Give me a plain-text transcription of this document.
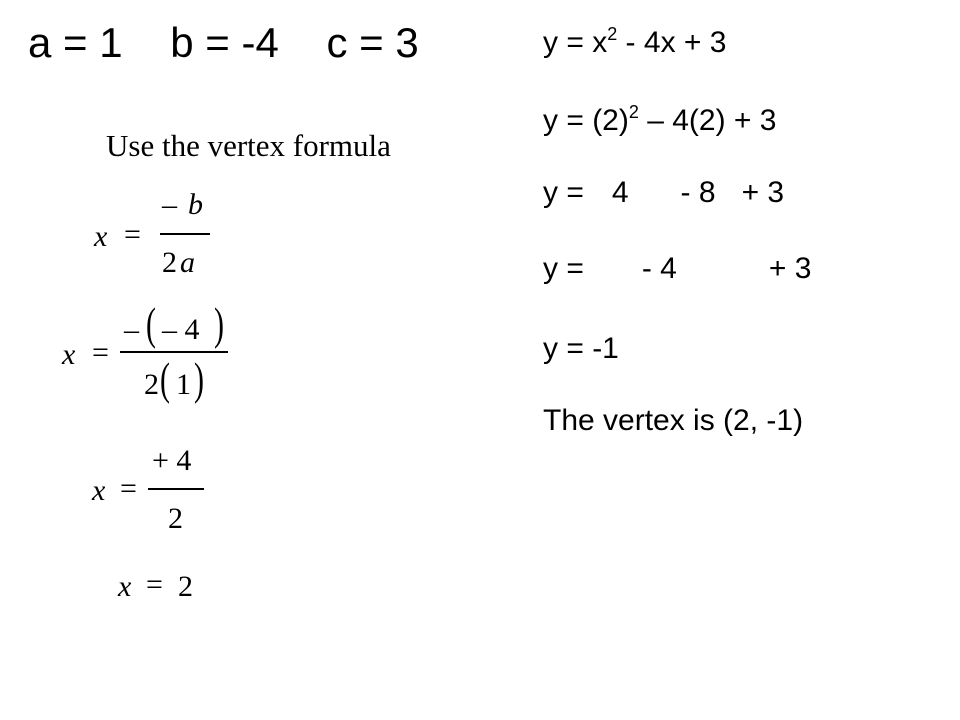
a = 1 b = -4 c = 3
Use the vertex formula
x =
– b
2 a
x =
– ( – 4 )
2 ( 1 )
x =
+ 4
2
x = 2
$y = x^2 - 4x + 3$
$y = (2)^2 - 4(2) + 3$
y = 4 - 8 + 3
y = - 4	+ 3
y = -1
The vertex is (2, -1)
